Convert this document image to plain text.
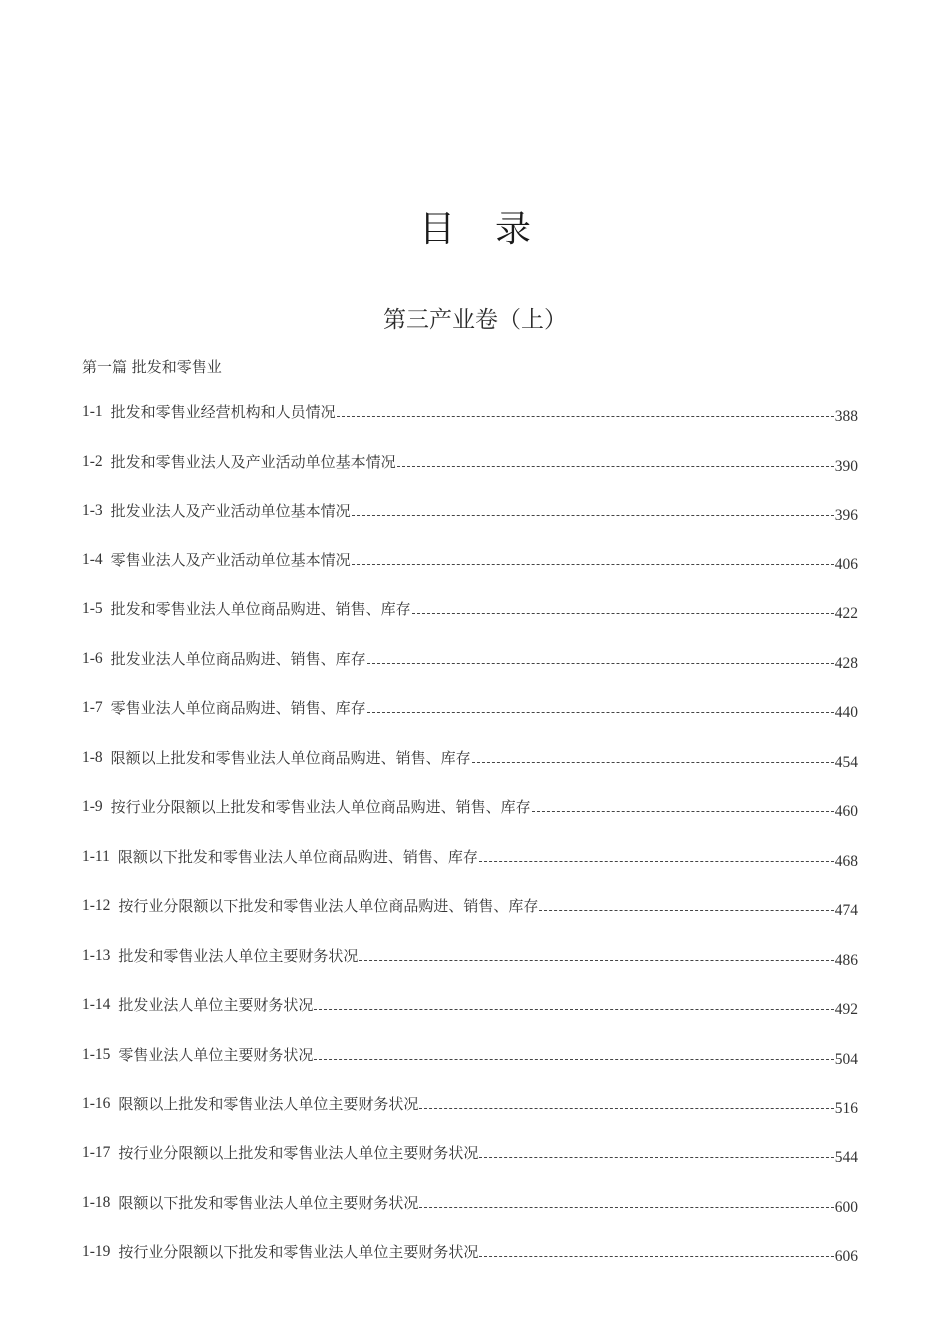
目 录
第三产业卷（上）
第一篇 批发和零售业
1-1 批发和零售业经营机构和人员情况	388
1-2 批发和零售业法人及产业活动单位基本情况	390
1-3 批发业法人及产业活动单位基本情况	396
1-4 零售业法人及产业活动单位基本情况	406
1-5 批发和零售业法人单位商品购进、销售、库存	422
1-6 批发业法人单位商品购进、销售、库存	428
1-7 零售业法人单位商品购进、销售、库存	440
1-8 限额以上批发和零售业法人单位商品购进、销售、库存	454
1-9 按行业分限额以上批发和零售业法人单位商品购进、销售、库存	460
1-11 限额以下批发和零售业法人单位商品购进、销售、库存	468
1-12 按行业分限额以下批发和零售业法人单位商品购进、销售、库存	474
1-13 批发和零售业法人单位主要财务状况	486
1-14 批发业法人单位主要财务状况	492
1-15 零售业法人单位主要财务状况	504
1-16 限额以上批发和零售业法人单位主要财务状况	516
1-17 按行业分限额以上批发和零售业法人单位主要财务状况	544
1-18 限额以下批发和零售业法人单位主要财务状况	600
1-19 按行业分限额以下批发和零售业法人单位主要财务状况	606
